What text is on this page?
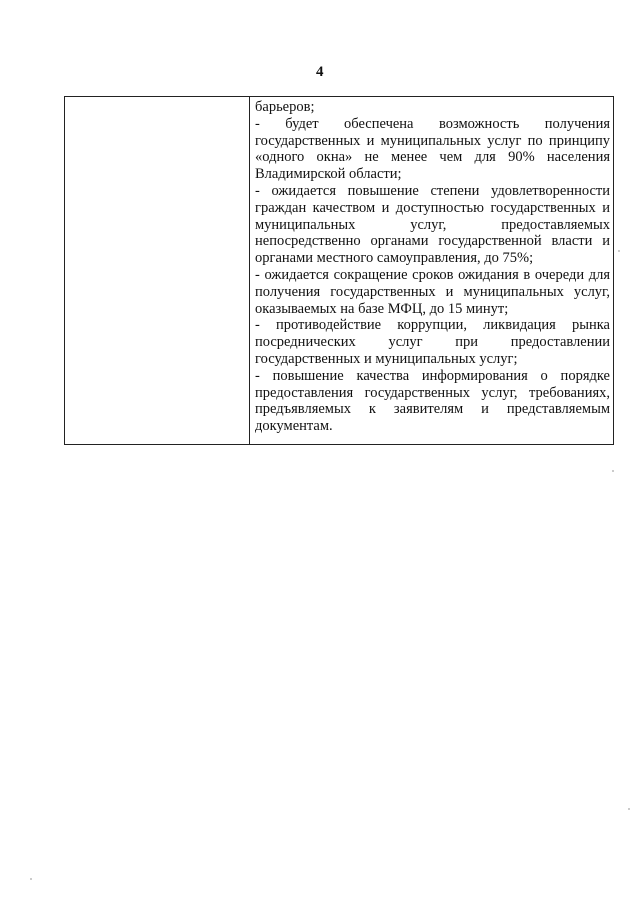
4

барьеров;

- будет обеспечена возможность получения государственных и муниципальных услуг по принципу «одного окна» не менее чем для 90% населения Владимирской области;

- ожидается повышение степени удовлетворенности граждан качеством и доступностью государственных и муниципальных услуг, предоставляемых непосредственно органами государственной власти и органами местного самоуправления, до 75%;

- ожидается сокращение сроков ожидания в очереди для получения государственных и муниципальных услуг, оказываемых на базе МФЦ, до 15 минут;

- противодействие коррупции, ликвидация рынка посреднических услуг при предоставлении государственных и муниципальных услуг;

- повышение качества информирования о порядке предоставления государственных услуг, требованиях, предъявляемых к заявителям и представляемым документам.
